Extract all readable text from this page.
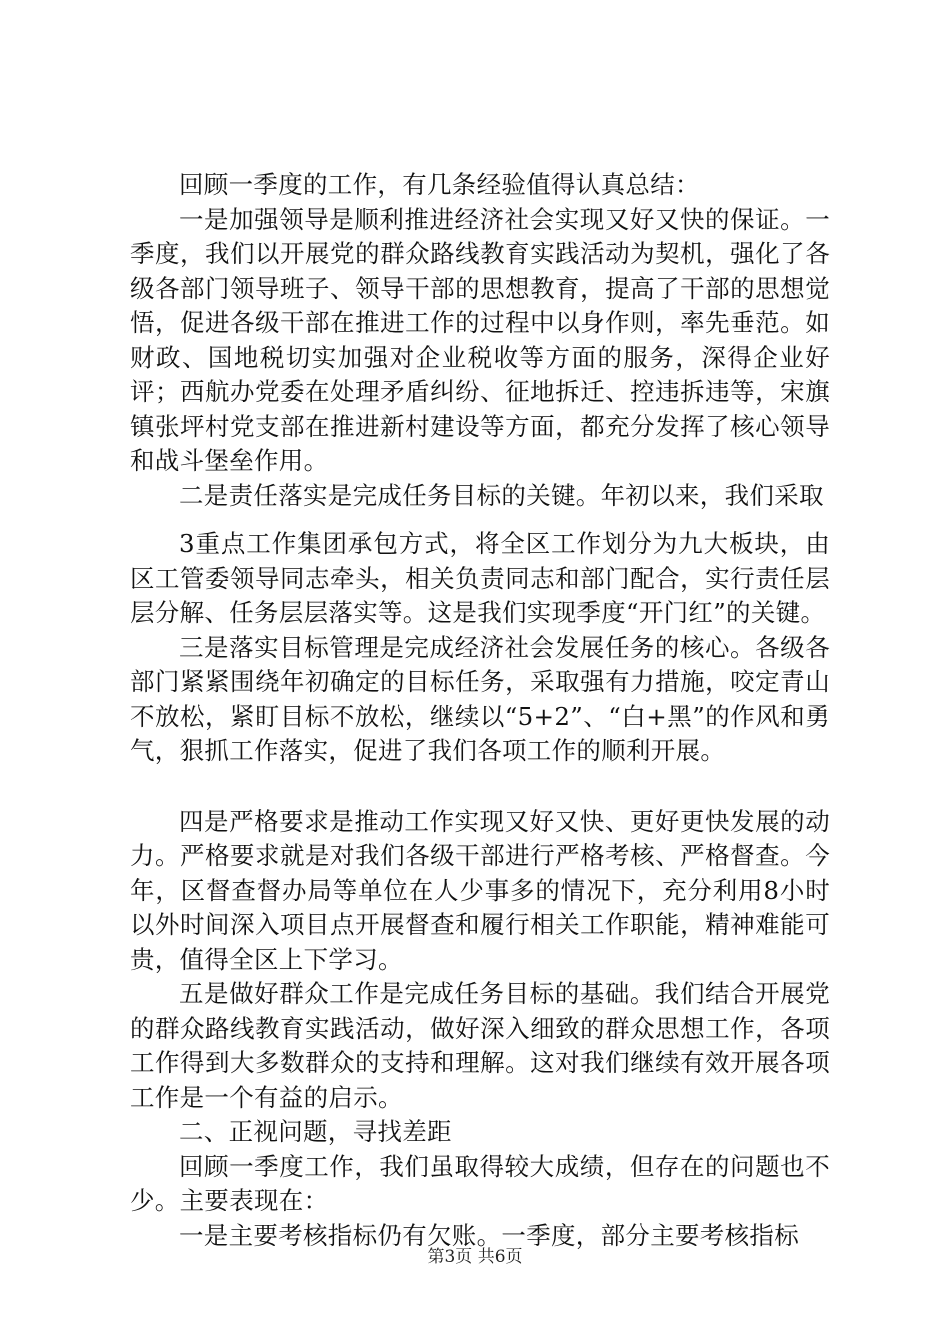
回顾一季度的工作，有几条经验值得认真总结：

一是加强领导是顺利推进经济社会实现又好又快的保证。一季度，我们以开展党的群众路线教育实践活动为契机，强化了各级各部门领导班子、领导干部的思想教育，提高了干部的思想觉悟，促进各级干部在推进工作的过程中以身作则，率先垂范。如财政、国地税切实加强对企业税收等方面的服务，深得企业好评；西航办党委在处理矛盾纠纷、征地拆迁、控违拆违等，宋旗镇张坪村党支部在推进新村建设等方面，都充分发挥了核心领导和战斗堡垒作用。

二是责任落实是完成任务目标的关键。年初以来，我们采取

3重点工作集团承包方式，将全区工作划分为九大板块，由区工管委领导同志牵头，相关负责同志和部门配合，实行责任层层分解、任务层层落实等。这是我们实现季度“开门红”的关键。

三是落实目标管理是完成经济社会发展任务的核心。各级各部门紧紧围绕年初确定的目标任务，采取强有力措施，咬定青山不放松，紧盯目标不放松，继续以“5+2”、“白+黑”的作风和勇气，狠抓工作落实，促进了我们各项工作的顺利开展。

四是严格要求是推动工作实现又好又快、更好更快发展的动力。严格要求就是对我们各级干部进行严格考核、严格督查。今年，区督查督办局等单位在人少事多的情况下，充分利用8小时以外时间深入项目点开展督查和履行相关工作职能，精神难能可贵，值得全区上下学习。

五是做好群众工作是完成任务目标的基础。我们结合开展党的群众路线教育实践活动，做好深入细致的群众思想工作，各项工作得到大多数群众的支持和理解。这对我们继续有效开展各项工作是一个有益的启示。

二、正视问题，寻找差距

回顾一季度工作，我们虽取得较大成绩，但存在的问题也不少。主要表现在：

一是主要考核指标仍有欠账。一季度，部分主要考核指标

第3页 共6页
